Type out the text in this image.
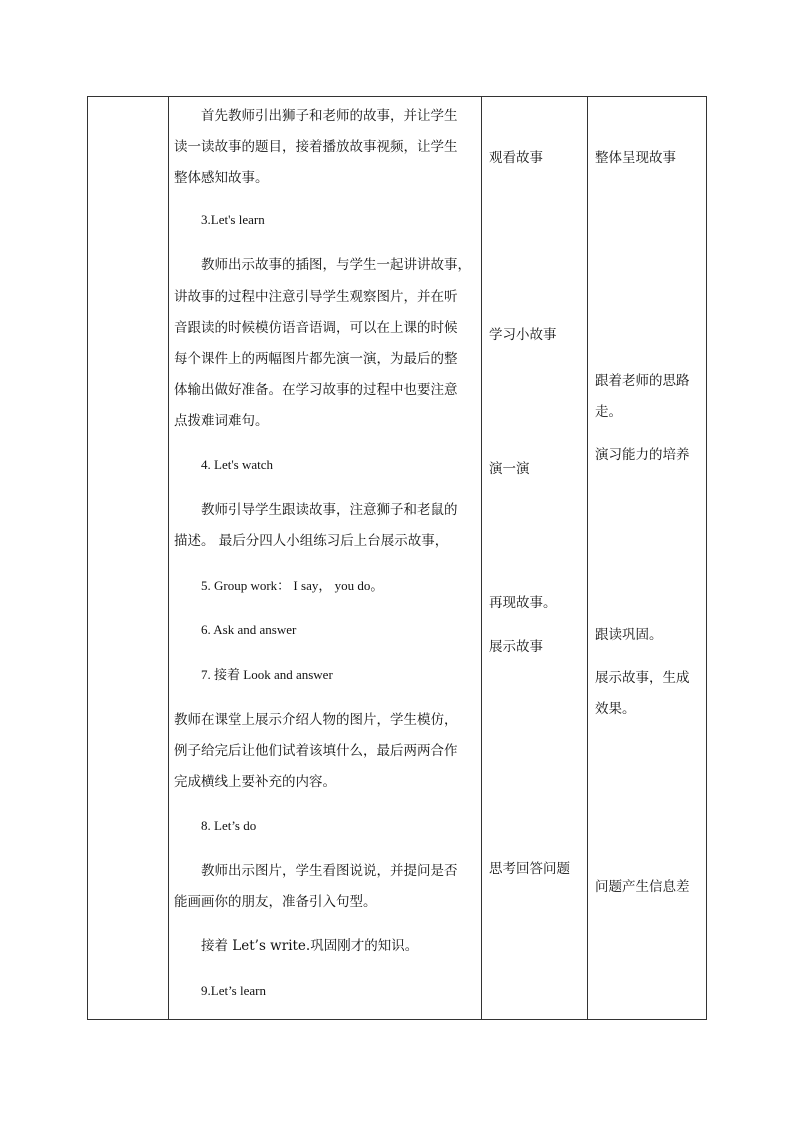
首先教师引出狮子和老师的故事，并让学生
读一读故事的题目，接着播放故事视频，让学生
整体感知故事。
3.Let's learn
教师出示故事的插图，与学生一起讲讲故事，
讲故事的过程中注意引导学生观察图片，并在听
音跟读的时候模仿语音语调，可以在上课的时候
每个课件上的两幅图片都先演一演，为最后的整
体输出做好准备。在学习故事的过程中也要注意
点拨难词难句。
4. Let's watch
教师引导学生跟读故事，注意狮子和老鼠的
描述。 最后分四人小组练习后上台展示故事，
5. Group work： I say， you do。
6. Ask and answer
7. 接着 Look and answer
教师在课堂上展示介绍人物的图片，学生模仿，
例子给完后让他们试着该填什么，最后两两合作
完成横线上要补充的内容。
8. Let’s do
教师出示图片，学生看图说说，并提问是否
能画画你的朋友，准备引入句型。
接着 Let’s write.巩固刚才的知识。
9.Let’s learn
观看故事
学习小故事
演一演
再现故事。
展示故事
思考回答问题
整体呈现故事
跟着老师的思路
走。
演习能力的培养
跟读巩固。
展示故事，生成
效果。
问题产生信息差
